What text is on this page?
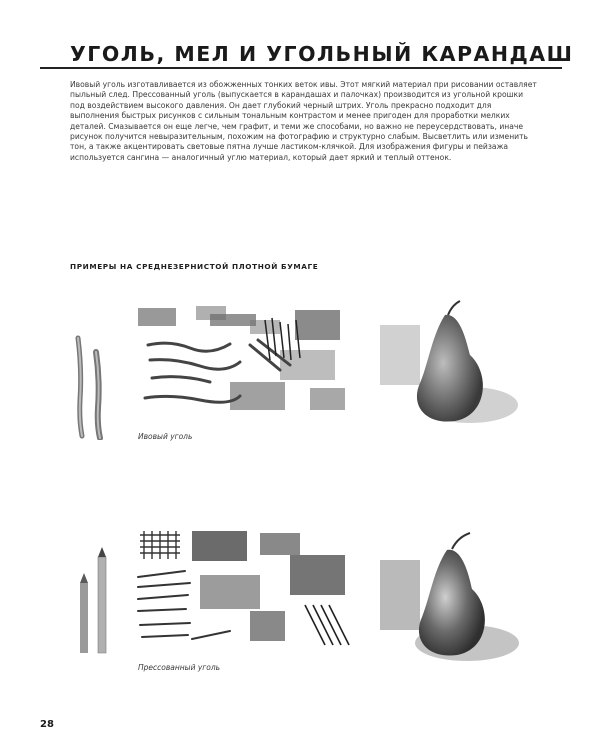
УГОЛЬ, МЕЛ И УГОЛЬНЫЙ КАРАНДАШ
Ивовый уголь изготавливается из обожженных тонких веток ивы. Этот мягкий материал при рисовании оставляет пыльный след. Прессованный уголь (выпускается в карандашах и палочках) производится из угольной крошки под воздействием высокого давления. Он дает глубокий черный штрих. Уголь прекрасно подходит для выполнения быстрых рисунков с сильным тональным контрастом и менее пригоден для проработки мелких деталей. Смазывается он еще легче, чем графит, и теми же способами, но важно не переусердствовать, иначе рисунок получится невыразительным, похожим на фотографию и структурно слабым. Высветлить или изменить тон, а также акцентировать световые пятна лучше ластиком-клячкой. Для изображения фигуры и пейзажа используется сангина — аналогичный углю материал, который дает яркий и теплый оттенок.
ПРИМЕРЫ НА СРЕДНЕЗЕРНИСТОЙ ПЛОТНОЙ БУМАГЕ
Ивовый уголь
Прессованный уголь
28
